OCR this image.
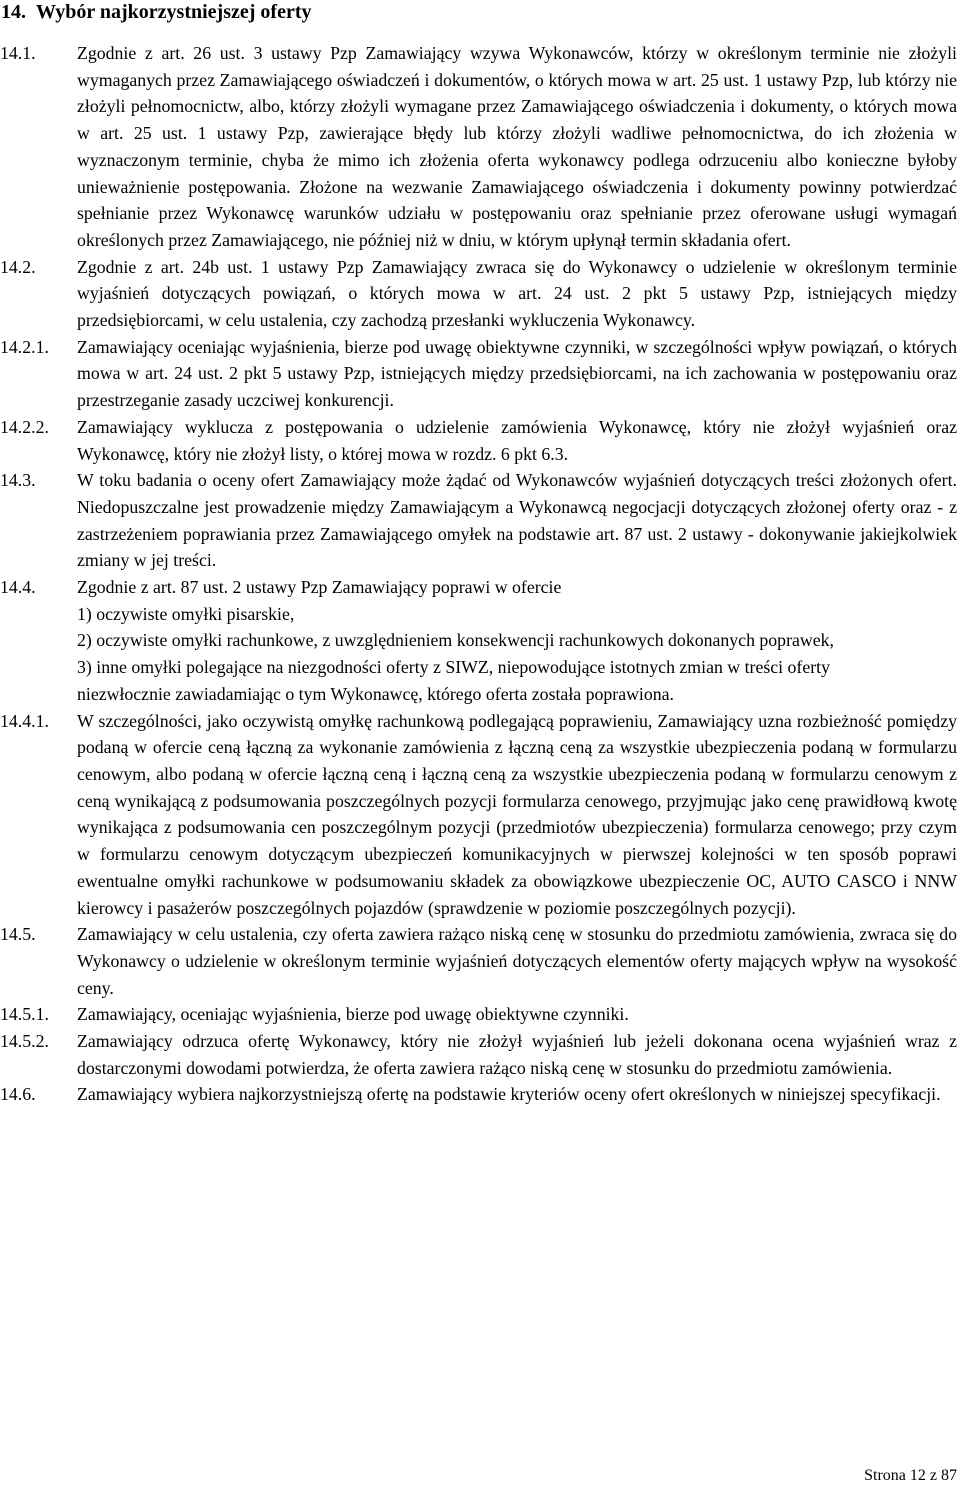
14.  Wybór najkorzystniejszej oferty
14.1.	Zgodnie z art. 26 ust. 3 ustawy Pzp Zamawiający wzywa Wykonawców, którzy w określonym terminie nie złożyli wymaganych przez Zamawiającego oświadczeń i dokumentów, o których mowa w art. 25 ust. 1 ustawy Pzp, lub którzy nie złożyli pełnomocnictw, albo, którzy złożyli wymagane przez Zamawiającego oświadczenia i dokumenty, o których mowa w art. 25 ust. 1 ustawy Pzp, zawierające błędy lub którzy złożyli wadliwe pełnomocnictwa, do ich złożenia w wyznaczonym terminie, chyba że mimo ich złożenia oferta wykonawcy podlega odrzuceniu albo konieczne byłoby unieważnienie postępowania. Złożone na wezwanie Zamawiającego oświadczenia i dokumenty powinny potwierdzać spełnianie przez Wykonawcę warunków udziału w postępowaniu oraz spełnianie przez oferowane usługi wymagań określonych przez Zamawiającego, nie później niż w dniu, w którym upłynął termin składania ofert.
14.2.	Zgodnie z art. 24b ust. 1 ustawy Pzp Zamawiający zwraca się do Wykonawcy o udzielenie w określonym terminie wyjaśnień dotyczących powiązań, o których mowa w art. 24 ust. 2 pkt 5 ustawy Pzp, istniejących między przedsiębiorcami, w celu ustalenia, czy zachodzą przesłanki wykluczenia Wykonawcy.
14.2.1.	Zamawiający oceniając wyjaśnienia, bierze pod uwagę obiektywne czynniki, w szczególności wpływ powiązań, o których mowa w art. 24 ust. 2 pkt 5 ustawy Pzp, istniejących między przedsiębiorcami, na ich zachowania w postępowaniu oraz przestrzeganie zasady uczciwej konkurencji.
14.2.2.	Zamawiający wyklucza z postępowania o udzielenie zamówienia Wykonawcę, który nie złożył wyjaśnień oraz Wykonawcę, który nie złożył listy, o której mowa w rozdz. 6 pkt 6.3.
14.3.	W toku badania o oceny ofert Zamawiający może żądać od Wykonawców wyjaśnień dotyczących treści złożonych ofert. Niedopuszczalne jest prowadzenie między Zamawiającym a Wykonawcą negocjacji dotyczących złożonej oferty oraz - z zastrzeżeniem poprawiania przez Zamawiającego omyłek na podstawie art. 87 ust. 2 ustawy - dokonywanie jakiejkolwiek zmiany w jej treści.
14.4.	Zgodnie z art. 87 ust. 2 ustawy Pzp Zamawiający poprawi w ofercie
1) oczywiste omyłki pisarskie,
2) oczywiste omyłki rachunkowe, z uwzględnieniem konsekwencji rachunkowych dokonanych poprawek,
3) inne omyłki polegające na niezgodności oferty z SIWZ, niepowodujące istotnych zmian w treści oferty
niezwłocznie zawiadamiając o tym Wykonawcę, którego oferta została poprawiona.
14.4.1.	W szczególności, jako oczywistą omyłkę rachunkową podlegającą poprawieniu, Zamawiający uzna rozbieżność pomiędzy podaną w ofercie ceną łączną za wykonanie zamówienia z łączną ceną za wszystkie ubezpieczenia podaną w formularzu cenowym, albo podaną w ofercie łączną ceną i łączną ceną za wszystkie ubezpieczenia podaną w formularzu cenowym z ceną wynikającą z podsumowania poszczególnych pozycji formularza cenowego, przyjmując jako cenę prawidłową kwotę wynikająca z podsumowania cen poszczególnym pozycji (przedmiotów ubezpieczenia) formularza cenowego; przy czym w formularzu cenowym dotyczącym ubezpieczeń komunikacyjnych w pierwszej kolejności w ten sposób poprawi ewentualne omyłki rachunkowe w podsumowaniu składek za obowiązkowe ubezpieczenie OC, AUTO CASCO i NNW kierowcy i pasażerów poszczególnych pojazdów (sprawdzenie w poziomie poszczególnych pozycji).
14.5.	Zamawiający w celu ustalenia, czy oferta zawiera rażąco niską cenę w stosunku do przedmiotu zamówienia, zwraca się do Wykonawcy o udzielenie w określonym terminie wyjaśnień dotyczących elementów oferty mających wpływ na wysokość ceny.
14.5.1.	Zamawiający, oceniając wyjaśnienia, bierze pod uwagę obiektywne czynniki.
14.5.2.	Zamawiający odrzuca ofertę Wykonawcy, który nie złożył wyjaśnień lub jeżeli dokonana ocena wyjaśnień wraz z dostarczonymi dowodami potwierdza, że oferta zawiera rażąco niską cenę w stosunku do przedmiotu zamówienia.
14.6.	Zamawiający wybiera najkorzystniejszą ofertę na podstawie kryteriów oceny ofert określonych w niniejszej specyfikacji.
Strona 12 z 87
